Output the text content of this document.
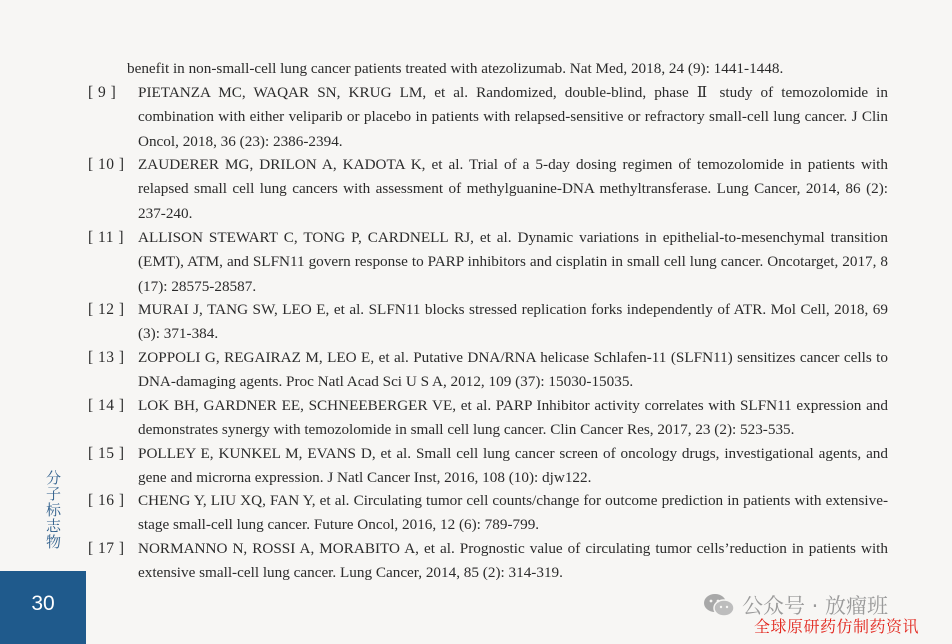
benefit in non-small-cell lung cancer patients treated with atezolizumab. Nat Med, 2018, 24 (9): 1441-1448.
[ 9 ]	PIETANZA MC, WAQAR SN, KRUG LM, et al. Randomized, double-blind, phase Ⅱ study of temozolomide in combination with either veliparib or placebo in patients with relapsed-sensitive or refractory small-cell lung cancer. J Clin Oncol, 2018, 36 (23): 2386-2394.
[ 10 ] ZAUDERER MG, DRILON A, KADOTA K, et al. Trial of a 5-day dosing regimen of temozolomide in patients with relapsed small cell lung cancers with assessment of methylguanine-DNA methyltransferase. Lung Cancer, 2014, 86 (2): 237-240.
[ 11 ] ALLISON STEWART C, TONG P, CARDNELL RJ, et al. Dynamic variations in epithelial-to-mesenchymal transition (EMT), ATM, and SLFN11 govern response to PARP inhibitors and cisplatin in small cell lung cancer. Oncotarget, 2017, 8 (17): 28575-28587.
[ 12 ] MURAI J, TANG SW, LEO E, et al. SLFN11 blocks stressed replication forks independently of ATR. Mol Cell, 2018, 69 (3): 371-384.
[ 13 ] ZOPPOLI G, REGAIRAZ M, LEO E, et al. Putative DNA/RNA helicase Schlafen-11 (SLFN11) sensitizes cancer cells to DNA-damaging agents. Proc Natl Acad Sci U S A, 2012, 109 (37): 15030-15035.
[ 14 ] LOK BH, GARDNER EE, SCHNEEBERGER VE, et al. PARP Inhibitor activity correlates with SLFN11 expression and demonstrates synergy with temozolomide in small cell lung cancer. Clin Cancer Res, 2017, 23 (2): 523-535.
[ 15 ] POLLEY E, KUNKEL M, EVANS D, et al. Small cell lung cancer screen of oncology drugs, investigational agents, and gene and microrna expression. J Natl Cancer Inst, 2016, 108 (10): djw122.
[ 16 ] CHENG Y, LIU XQ, FAN Y, et al. Circulating tumor cell counts/change for outcome prediction in patients with extensive-stage small-cell lung cancer. Future Oncol, 2016, 12 (6): 789-799.
[ 17 ] NORMANNO N, ROSSI A, MORABITO A, et al. Prognostic value of circulating tumor cells’reduction in patients with extensive small-cell lung cancer. Lung Cancer, 2014, 85 (2): 314-319.
分子标志物
30	公众号 · 放瘤班
全球原研药仿制药资讯
